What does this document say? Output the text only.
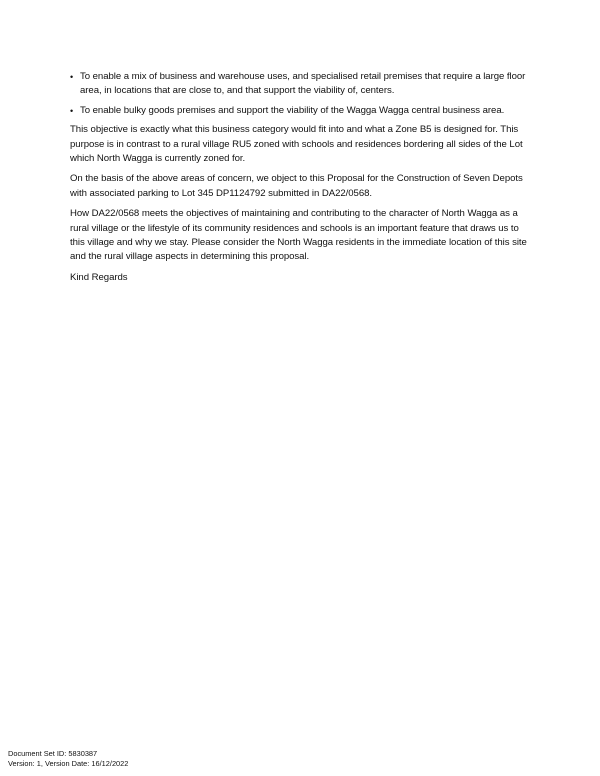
• To enable a mix of business and warehouse uses, and specialised retail premises that require a large floor area, in locations that are close to, and that support the viability of, centers.
• To enable bulky goods premises and support the viability of the Wagga Wagga central business area.

This objective is exactly what this business category would fit into and what a Zone B5 is designed for. This purpose is in contrast to a rural village RU5 zoned with schools and residences bordering all sides of the Lot which North Wagga is currently zoned for.

On the basis of the above areas of concern, we object to this Proposal for the Construction of Seven Depots with associated parking to Lot 345 DP1124792 submitted in DA22/0568.

How DA22/0568 meets the objectives of maintaining and contributing to the character of North Wagga as a rural village or the lifestyle of its community residences and schools is an important feature that draws us to this village and why we stay. Please consider the North Wagga residents in the immediate location of this site and the rural village aspects in determining this proposal.

Kind Regards

Document Set ID: 5830387
Version: 1, Version Date: 16/12/2022
